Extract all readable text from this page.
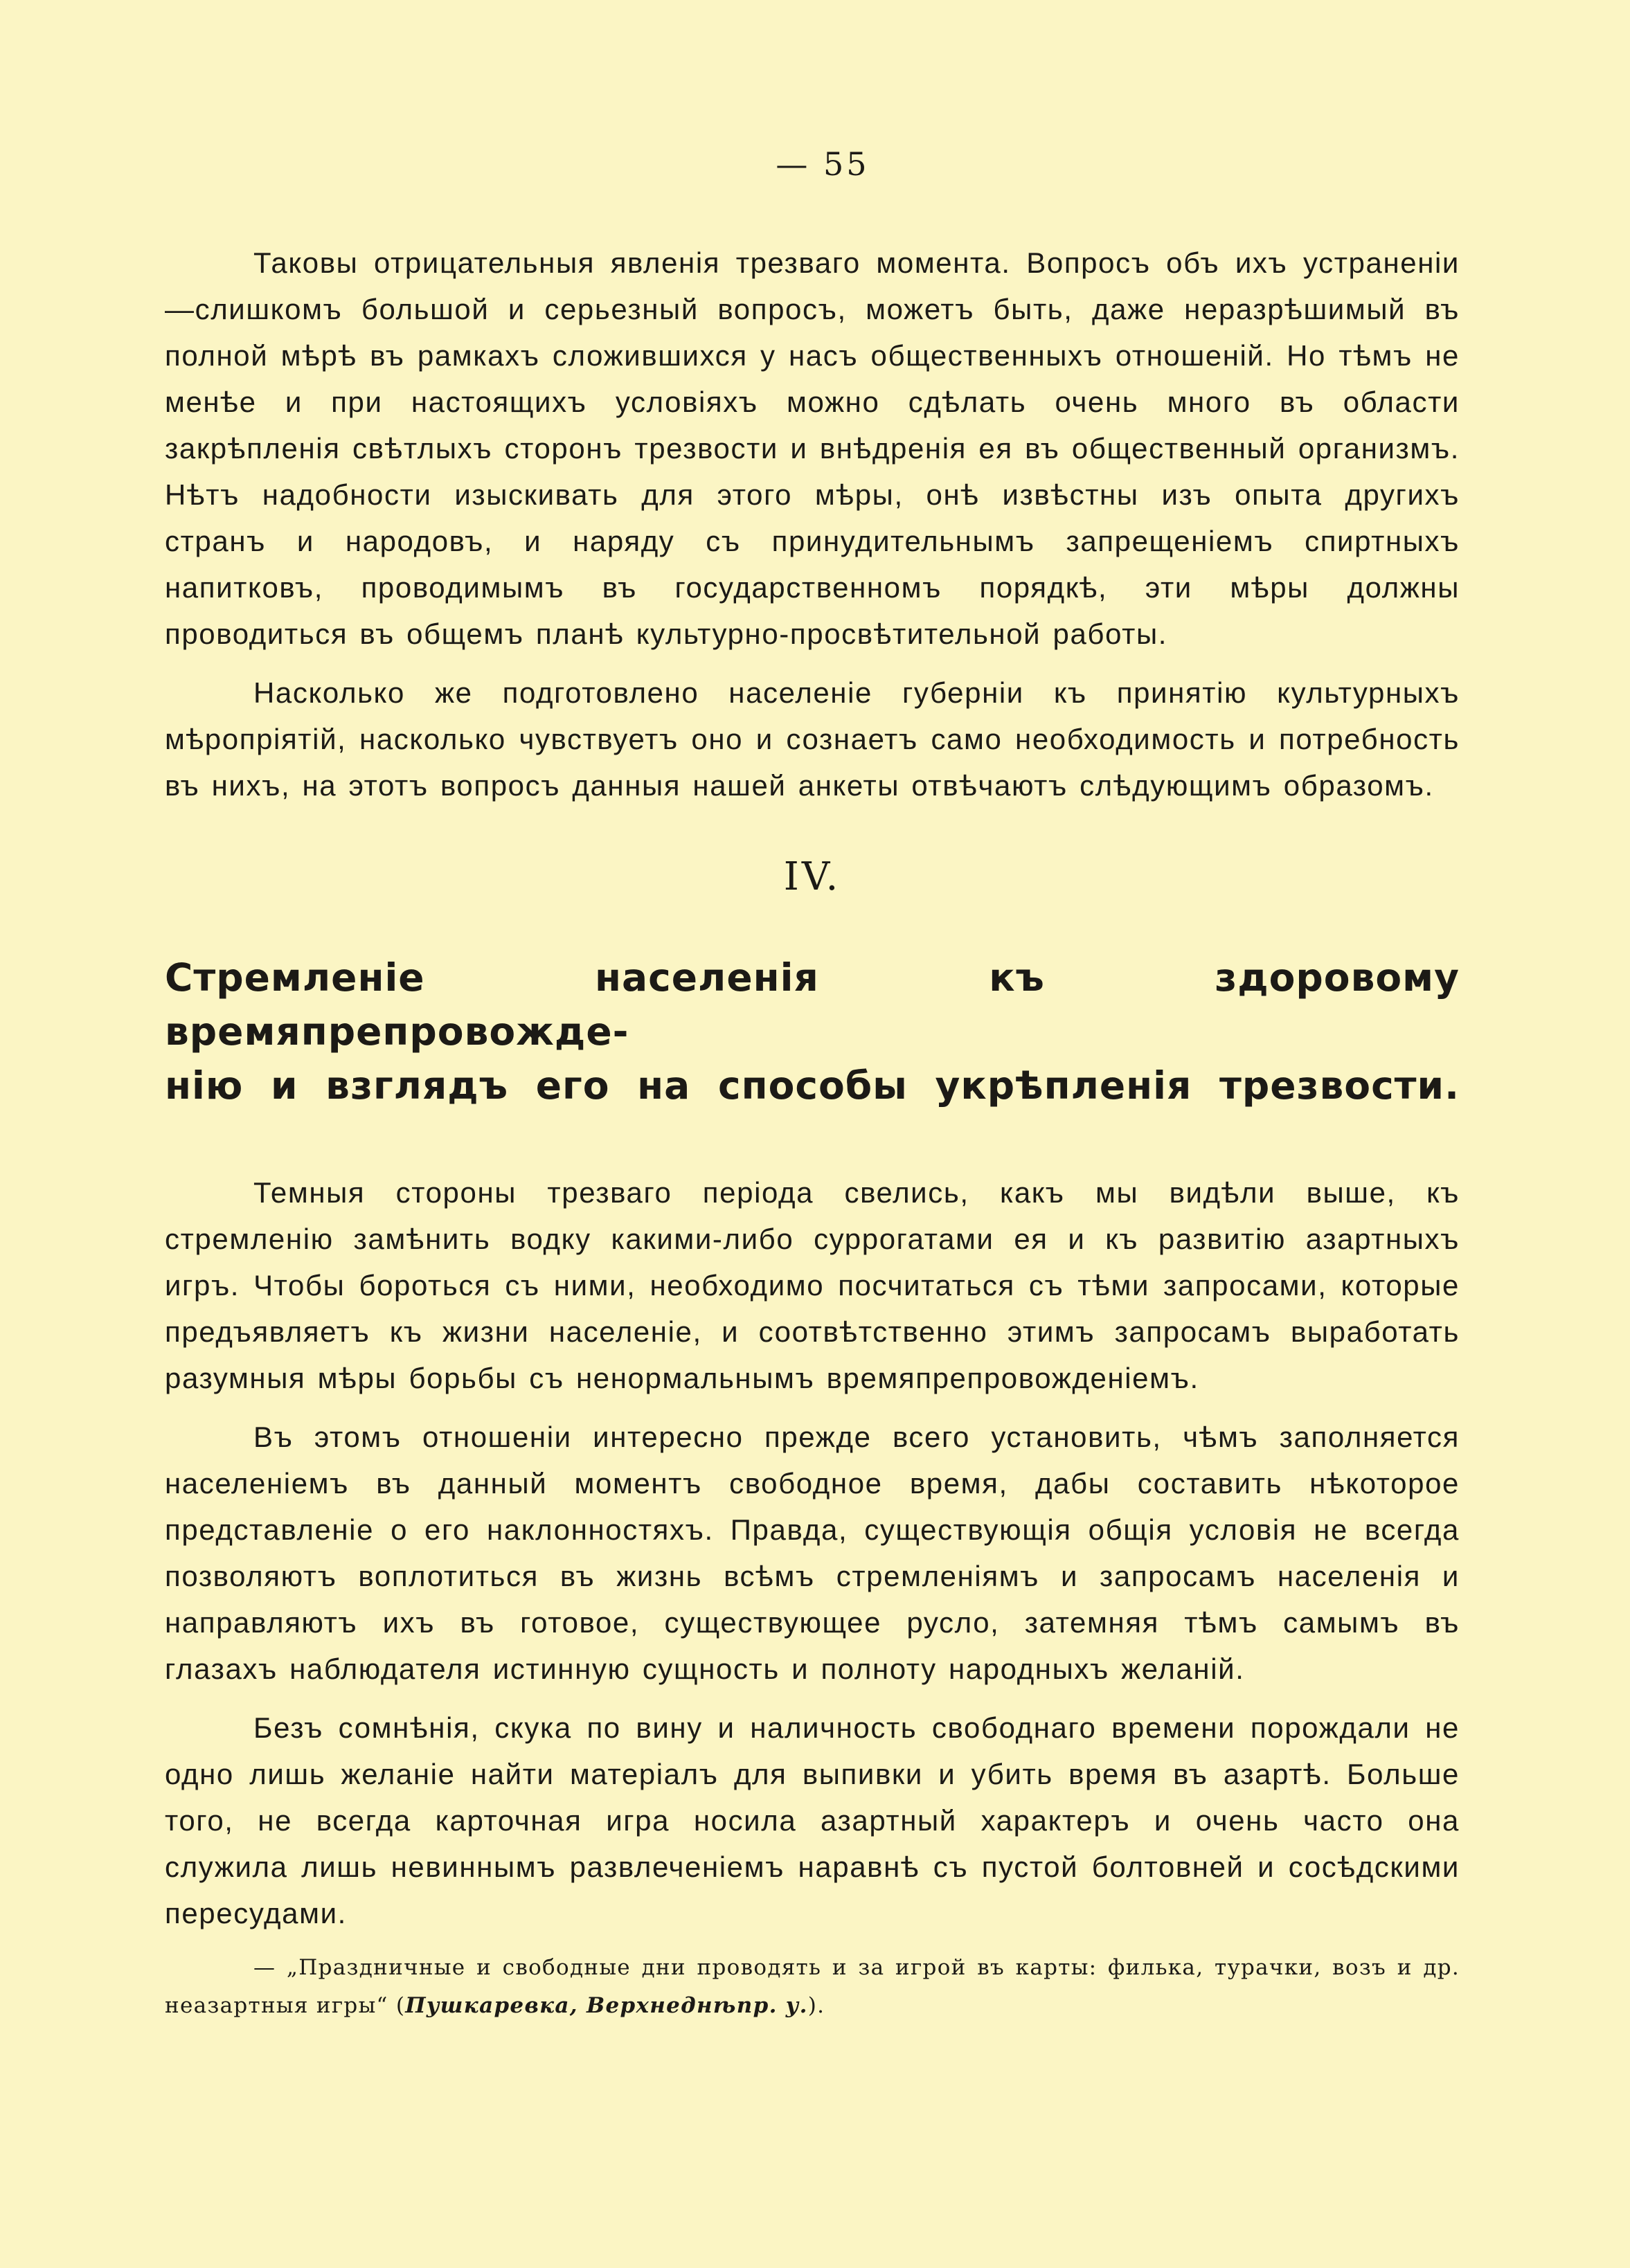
— 55

Таковы отрицательныя явленія трезваго момента. Вопросъ объ ихъ устраненіи—слишкомъ большой и серьезный вопросъ, можетъ быть, даже неразрѣшимый въ полной мѣрѣ въ рамкахъ сложившихся у насъ общественныхъ отношеній. Но тѣмъ не менѣе и при настоящихъ условіяхъ можно сдѣлать очень много въ области закрѣпленія свѣтлыхъ сторонъ трезвости и внѣдренія ея въ общественный организмъ. Нѣтъ надобности изыскивать для этого мѣры, онѣ извѣстны изъ опыта другихъ странъ и народовъ, и наряду съ принудительнымъ запрещеніемъ спиртныхъ напитковъ, проводимымъ въ государственномъ порядкѣ, эти мѣры должны проводиться въ общемъ планѣ культурно-просвѣтительной работы.

Насколько же подготовлено населеніе губерніи къ принятію культурныхъ мѣропріятій, насколько чувствуетъ оно и сознаетъ само необходимость и потребность въ нихъ, на этотъ вопросъ данныя нашей анкеты отвѣчаютъ слѣдующимъ образомъ.

IV.
Стремленіе населенія къ здоровому времяпрепровожде-
нію и взглядъ его на способы укрѣпленія трезвости.

Темныя стороны трезваго періода свелись, какъ мы видѣли выше, къ стремленію замѣнить водку какими-либо суррогатами ея и къ развитію азартныхъ игръ. Чтобы бороться съ ними, необходимо посчитаться съ тѣми запросами, которые предъявляетъ къ жизни населеніе, и соотвѣтственно этимъ запросамъ выработать разумныя мѣры борьбы съ ненормальнымъ времяпрепровожденіемъ.

Въ этомъ отношеніи интересно прежде всего установить, чѣмъ заполняется населеніемъ въ данный моментъ свободное время, дабы составить нѣкоторое представленіе о его наклонностяхъ. Правда, существующія общія условія не всегда позволяютъ воплотиться въ жизнь всѣмъ стремленіямъ и запросамъ населенія и направляютъ ихъ въ готовое, существующее русло, затемняя тѣмъ самымъ въ глазахъ наблюдателя истинную сущность и полноту народныхъ желаній.

Безъ сомнѣнія, скука по вину и наличность свободнаго времени порождали не одно лишь желаніе найти матеріалъ для выпивки и убить время въ азартѣ. Больше того, не всегда карточная игра носила азартный характеръ и очень часто она служила лишь невиннымъ развлеченіемъ наравнѣ съ пустой болтовней и сосѣдскими пересудами.

— „Праздничные и свободные дни проводять и за игрой въ карты: филька, турачки, возъ и др. неазартныя игры“ (Пушкаревка, Верхнеднѣпр. у.).
